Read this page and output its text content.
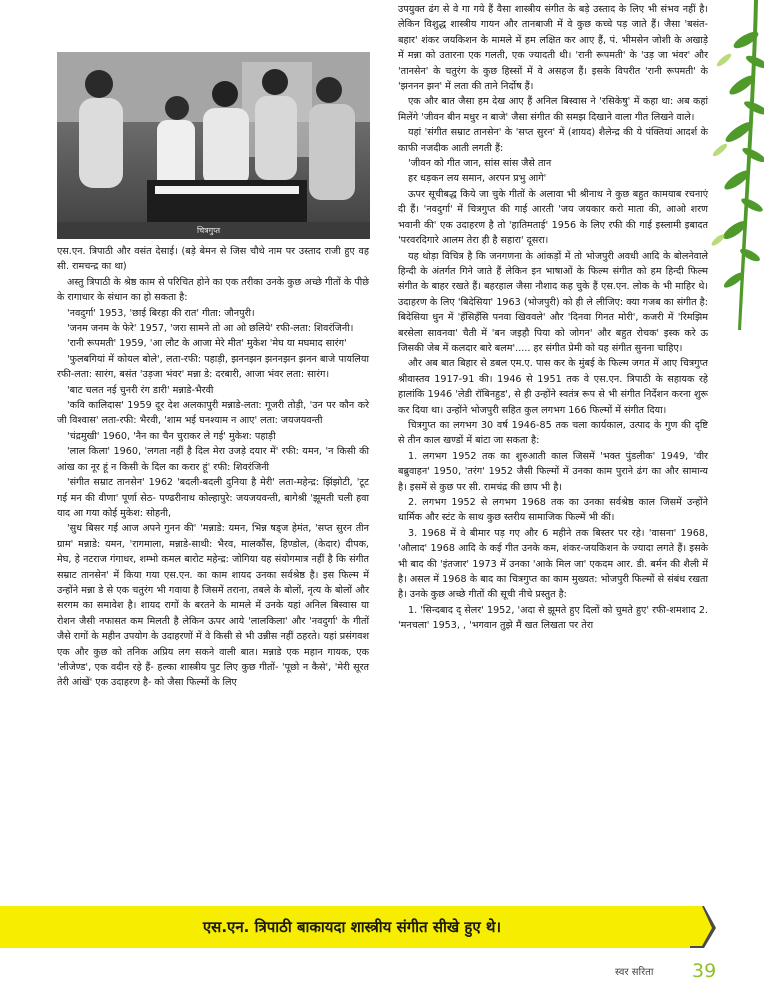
चित्रगुप्त

एस.एन. त्रिपाठी और वसंत देसाई। (बड़े बेमन से जिस चौथे नाम पर उस्ताद राजी हुए वह सी. रामचन्द्र का था)

अस्तु त्रिपाठी के श्रेष्ठ काम से परिचित होने का एक तरीका उनके कुछ अच्छे गीतों के पीछे के रागाधार के संधान का हो सकता है:

'नवदुर्गा' 1953, 'छाई बिरहा की रात' गीता: जौनपुरी।

'जनम जनम के फेरे' 1957, 'जरा सामने तो आ ओ छलिये' रफी-लता: शिवरंजिनी।

'रानी रूपमती' 1959, 'आ लौट के आजा मेरे मीत' मुकेश 'मेघ या मघमाद सारंग'

'फुलबगियां में कोयल बोले', लता-रफी: पहाड़ी, झननझन झननझन झनन बाजे पायलिया रफी-लता: सारंग, बसंत 'उड़जा भंवर' मन्ना डे: दरबारी, आजा भंवर लता: सारंग।

'बाट चलत नई चुनरी रंग डारी' मन्नाडे-भैरवी

'कवि कालिदास' 1959 दूर देश अलकापुरी मन्नाडे-लता: गूजरी तोड़ी, 'उन पर कौन करे जी विश्वास' लता-रफी: भैरवी, 'शाम भई घनश्याम न आए' लता: जयजयवन्ती

'चंद्रमुखी' 1960, 'नैन का चैन चुराकर ले गई' मुकेश: पहाड़ी

'लाल किला' 1960, 'लगता नहीं है दिल मेरा उजड़े दयार में' रफी: यमन, 'न किसी की आंख का नूर हूं न किसी के दिल का करार हूं' रफी: शिवरंजिनी

'संगीत सम्राट तानसेन' 1962 'बदली-बदली दुनिया है मेरी' लता-महेन्द्र: झिंझोटी, 'टूट गई मन की वीणा' पूर्णा सेठ- पण्ढरीनाथ कोल्हापुरे: जयजयवन्ती, बागेश्री 'झूमती चली हवा याद आ गया कोई मुकेश: सोहनी,

'सुध बिसर गई आज अपने गुनन की' 'मन्नाडे: यमन, भिन्न षड्ज हेमंत, 'सप्त सुरन तीन ग्राम' मन्नाडे: यमन, 'रागमाला, मन्नाडे-साथी: भैरव, मालकौंस, हिण्डोल, (केदार) दीपक, मेघ, हे नटराज गंगाधर, शम्भो कमल बारोट महेन्द्र: जोगिया यह संयोगमात्र नहीं है कि संगीत सम्राट तानसेन' में किया गया एस.एन. का काम शायद उनका सर्वश्रेष्ठ है। इस फिल्म में उन्होंने मन्ना डे से एक चतुरंग भी गवाया है जिसमें तराना, तबले के बोलों, नृत्य के बोलों और सरगम का समावेश है। शायद रागों के बरतने के मामले में उनके यहां अनिल बिस्वास या रोशन जैसी नफासत कम मिलती है लेकिन ऊपर आये 'लालकिला' और 'नवदुर्गा' के गीतों जैसे रागों के महीन उपयोग के उदाहरणों में वे किसी से भी उन्नीस नहीं ठहरते। यहां प्रसंगवश एक और कुछ को तनिक अप्रिय लग सकने वाली बात। मन्नाडे एक महान गायक, एक 'लीजेण्ड', एक वदीन रहे हैं- हल्का शास्त्रीय पुट लिए कुछ गीतों- 'पूछो न कैसे', 'मेरी सूरत तेरी आंखें' एक उदाहरण है- को जैसा फिल्मों के लिए

उपयुक्त ढंग से वे गा गये हैं वैसा शास्त्रीय संगीत के बड़े उस्ताद के लिए भी संभव नहीं है। लेकिन विशुद्ध शास्त्रीय गायन और तानबाजी में वे कुछ कच्चे पड़ जाते हैं। जैसा 'बसंत-बहार' शंकर जयकिशन के मामले में हम लक्षित कर आए हैं, पं. भीमसेन जोशी के अखाड़े में मन्ना को उतारना एक गलती, एक ज्यादती थी। 'रानी रूपमती' के 'उड़ जा भंवर' और 'तानसेन' के चतुरंग के कुछ हिस्सों में वे असहज हैं। इसके विपरीत 'रानी रूपमती' के 'झननन झन' में लता की ताने निर्दोष हैं।

एक और बात जैसा हम देख आए हैं अनिल बिस्वास ने 'रसिकेषु' में कहा था: अब कहां मिलेंगे 'जीवन बीन मधुर न बाजे' जैसा संगीत की समझ दिखाने वाला गीत लिखने वाले।

यहां 'संगीत सम्राट तानसेन' के 'सप्त सुरन' में (शायद) शैलेन्द्र की ये पंक्तियां आदर्श के काफी नजदीक आती लगती हैं:

'जीवन को गीत जान, सांस सांस जैसे तान

हर धड़कन लय समान, अरपन प्रभु आगे'

ऊपर सूचीबद्ध किये जा चुके गीतों के अलावा भी श्रीनाथ ने कुछ बहुत कामयाब रचनाएं दी हैं। 'नवदुर्गा' में चित्रगुप्त की गाई आरती 'जय जयकार करो माता की, आओ शरण भवानी की' एक उदाहरण है तो 'हातिमताई' 1956 के लिए रफी की गाई इस्लामी इबादत 'परवरदिगारे आलम तेरा ही है सहारा' दूसरा।

यह थोड़ा विचित्र है कि जनगणना के आंकड़ों में तो भोजपुरी अवधी आदि के बोलनेवाले हिन्दी के अंतर्गत गिने जाते हैं लेकिन इन भाषाओं के फिल्म संगीत को हम हिन्दी फिल्म संगीत के बाहर रखते हैं। बहरहाल जैसा नौशाद कह चुके हैं एस.एन. लोक के भी माहिर थे। उदाहरण के लिए 'बिदेसिया' 1963 (भोजपुरी) को ही ले लीजिए: क्या गजब का संगीत है: बिदेसिया धुन में 'हँसिहँसि पनवा खिववले' और 'दिनवा गिनत मोरी', कजरी में 'रिमझिम बरसेला सावनवा' चैती में 'बन जइहौ पिया को जोगन' और बहुत रोचक' इस्क करे ऊ जिसकी जेब में कलदार बारे बलम'..... हर संगीत प्रेमी को यह संगीत सुनना चाहिए।

और अब बात बिहार से डबल एम.ए. पास कर के मुंबई के फिल्म जगत में आए चित्रगुप्त श्रीवास्तव 1917-91 की। 1946 से 1951 तक वे एस.एन. त्रिपाठी के सहायक रहे हालांकि 1946 'लेडी रॉबिनहुड', से ही उन्होंने स्वतंत्र रूप से भी संगीत निर्देशन करना शुरू कर दिया था। उन्होंने भोजपुरी सहित कुल लगभग 166 फिल्मों में संगीत दिया।

चित्रगुप्त का लगभग 30 वर्ष 1946-85 तक चला कार्यकाल, उत्पाद के गुण की दृष्टि से तीन काल खण्डों में बांटा जा सकता है:

1. लगभग 1952 तक का शुरुआती काल जिसमें 'भक्त पुंडलीक' 1949, 'वीर बब्रुवाहन' 1950, 'तरंग' 1952 जैसी फिल्मों में उनका काम पुराने ढंग का और सामान्य है। इसमें से कुछ पर सी. रामचंद्र की छाप भी है।

2. लगभग 1952 से लगभग 1968 तक का उनका सर्वश्रेष्ठ काल जिसमें उन्होंने धार्मिक और स्टंट के साथ कुछ स्तरीय सामाजिक फिल्में भी कीं।

3. 1968 में वे बीमार पड़ गए और 6 महीने तक बिस्तर पर रहे। 'वासना' 1968, 'औलाद' 1968 आदि के कई गीत उनके कम, शंकर-जयकिशन के ज्यादा लगते हैं। इसके भी बाद की 'इंतजार' 1973 में उनका 'आके मिल जा' एकदम आर. डी. बर्मन की शैली में है। असल में 1968 के बाद का चित्रगुप्त का काम मुख्यत: भोजपुरी फिल्मों से संबंध रखता है। उनके कुछ अच्छे गीतों की सूची नीचे प्रस्तुत है:

1. 'सिन्दबाद द् सेलर' 1952, 'अदा से झूमते हुए दिलों को चुमते हुए' रफी-शमशाद 2. 'मनचला' 1953, , 'भगवान तुझे मैं खत लिखता पर तेरा

एस.एन. त्रिपाठी बाकायदा शास्त्रीय संगीत सीखे हुए थे।
स्वर सरिता 39
